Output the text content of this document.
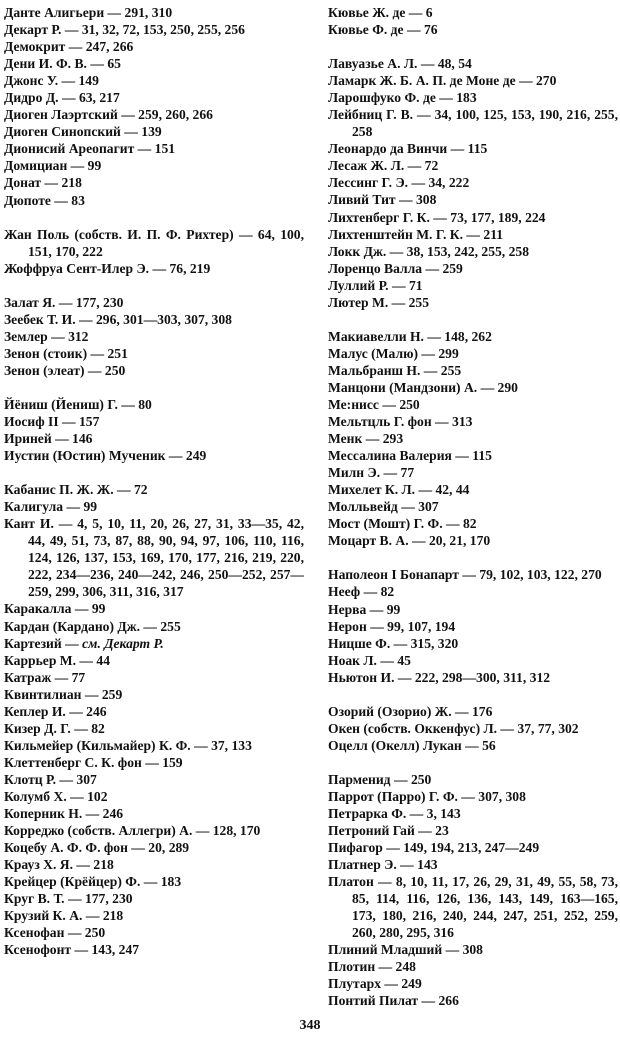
Данте Алигьери — 291, 310
Декарт Р. — 31, 32, 72, 153, 250, 255, 256
Демокрит — 247, 266
Дени И. Ф. В. — 65
Джонс У. — 149
Дидро Д. — 63, 217
Диоген Лаэртский — 259, 260, 266
Диоген Синопский — 139
Дионисий Ареопагит — 151
Домициан — 99
Донат — 218
Дюпоте — 83
Жан Поль (собств. И. П. Ф. Рихтер) — 64, 100, 151, 170, 222
Жоффруа Сент-Илер Э. — 76, 219
Залат Я. — 177, 230
Зеебек Т. И. — 296, 301—303, 307, 308
Землер — 312
Зенон (стоик) — 251
Зенон (элеат) — 250
Йёниш (Йениш) Г. — 80
Иосиф II — 157
Ириней — 146
Иустин (Юстин) Мученик — 249
Кабанис П. Ж. Ж. — 72
Калигула — 99
Кант И. — 4, 5, 10, 11, 20, 26, 27, 31, 33—35, 42, 44, 49, 51, 73, 87, 88, 90, 94, 97, 106, 110, 116, 124, 126, 137, 153, 169, 170, 177, 216, 219, 220, 222, 234—236, 240—242, 246, 250—252, 257—259, 299, 306, 311, 316, 317
Каракалла — 99
Кардан (Кардано) Дж. — 255
Картезий — см. Декарт Р.
Каррьер М. — 44
Катраж — 77
Квинтилиан — 259
Кеплер И. — 246
Кизер Д. Г. — 82
Кильмейер (Кильмайер) К. Ф. — 37, 133
Клеттенберг С. К. фон — 159
Клотц Р. — 307
Колумб Х. — 102
Коперник Н. — 246
Корреджо (собств. Аллегри) А. — 128, 170
Коцебу А. Ф. Ф. фон — 20, 289
Крауз Х. Я. — 218
Крейцер (Крёйцер) Ф. — 183
Круг В. Т. — 177, 230
Крузий К. А. — 218
Ксенофан — 250
Ксенофонт — 143, 247
Кювье Ж. де — 6
Кювье Ф. де — 76
Лавуазье А. Л. — 48, 54
Ламарк Ж. Б. А. П. де Моне де — 270
Ларошфуко Ф. де — 183
Лейбниц Г. В. — 34, 100, 125, 153, 190, 216, 255, 258
Леонардо да Винчи — 115
Лесаж Ж. Л. — 72
Лессинг Г. Э. — 34, 222
Ливий Тит — 308
Лихтенберг Г. К. — 73, 177, 189, 224
Лихтенштейн М. Г. К. — 211
Локк Дж. — 38, 153, 242, 255, 258
Лоренцо Валла — 259
Луллий Р. — 71
Лютер М. — 255
Макиавелли Н. — 148, 262
Малус (Малю) — 299
Мальбранш Н. — 255
Манцони (Мандзони) А. — 290
Ме:нисс — 250
Мельтцль Г. фон — 313
Менк — 293
Мессалина Валерия — 115
Милн Э. — 77
Михелет К. Л. — 42, 44
Молльвейд — 307
Мост (Мошт) Г. Ф. — 82
Моцарт В. А. — 20, 21, 170
Наполеон I Бонапарт — 79, 102, 103, 122, 270
Нееф — 82
Нерва — 99
Нерон — 99, 107, 194
Ницше Ф. — 315, 320
Ноак Л. — 45
Ньютон И. — 222, 298—300, 311, 312
Озорий (Озорио) Ж. — 176
Окен (собств. Оккенфус) Л. — 37, 77, 302
Оцелл (Окелл) Лукан — 56
Парменид — 250
Паррот (Парро) Г. Ф. — 307, 308
Петрарка Ф. — 3, 143
Петроний Гай — 23
Пифагор — 149, 194, 213, 247—249
Платнер Э. — 143
Платон — 8, 10, 11, 17, 26, 29, 31, 49, 55, 58, 73, 85, 114, 116, 126, 136, 143, 149, 163—165, 173, 180, 216, 240, 244, 247, 251, 252, 259, 260, 280, 295, 316
Плиний Младший — 308
Плотин — 248
Плутарх — 249
Понтий Пилат — 266
348
